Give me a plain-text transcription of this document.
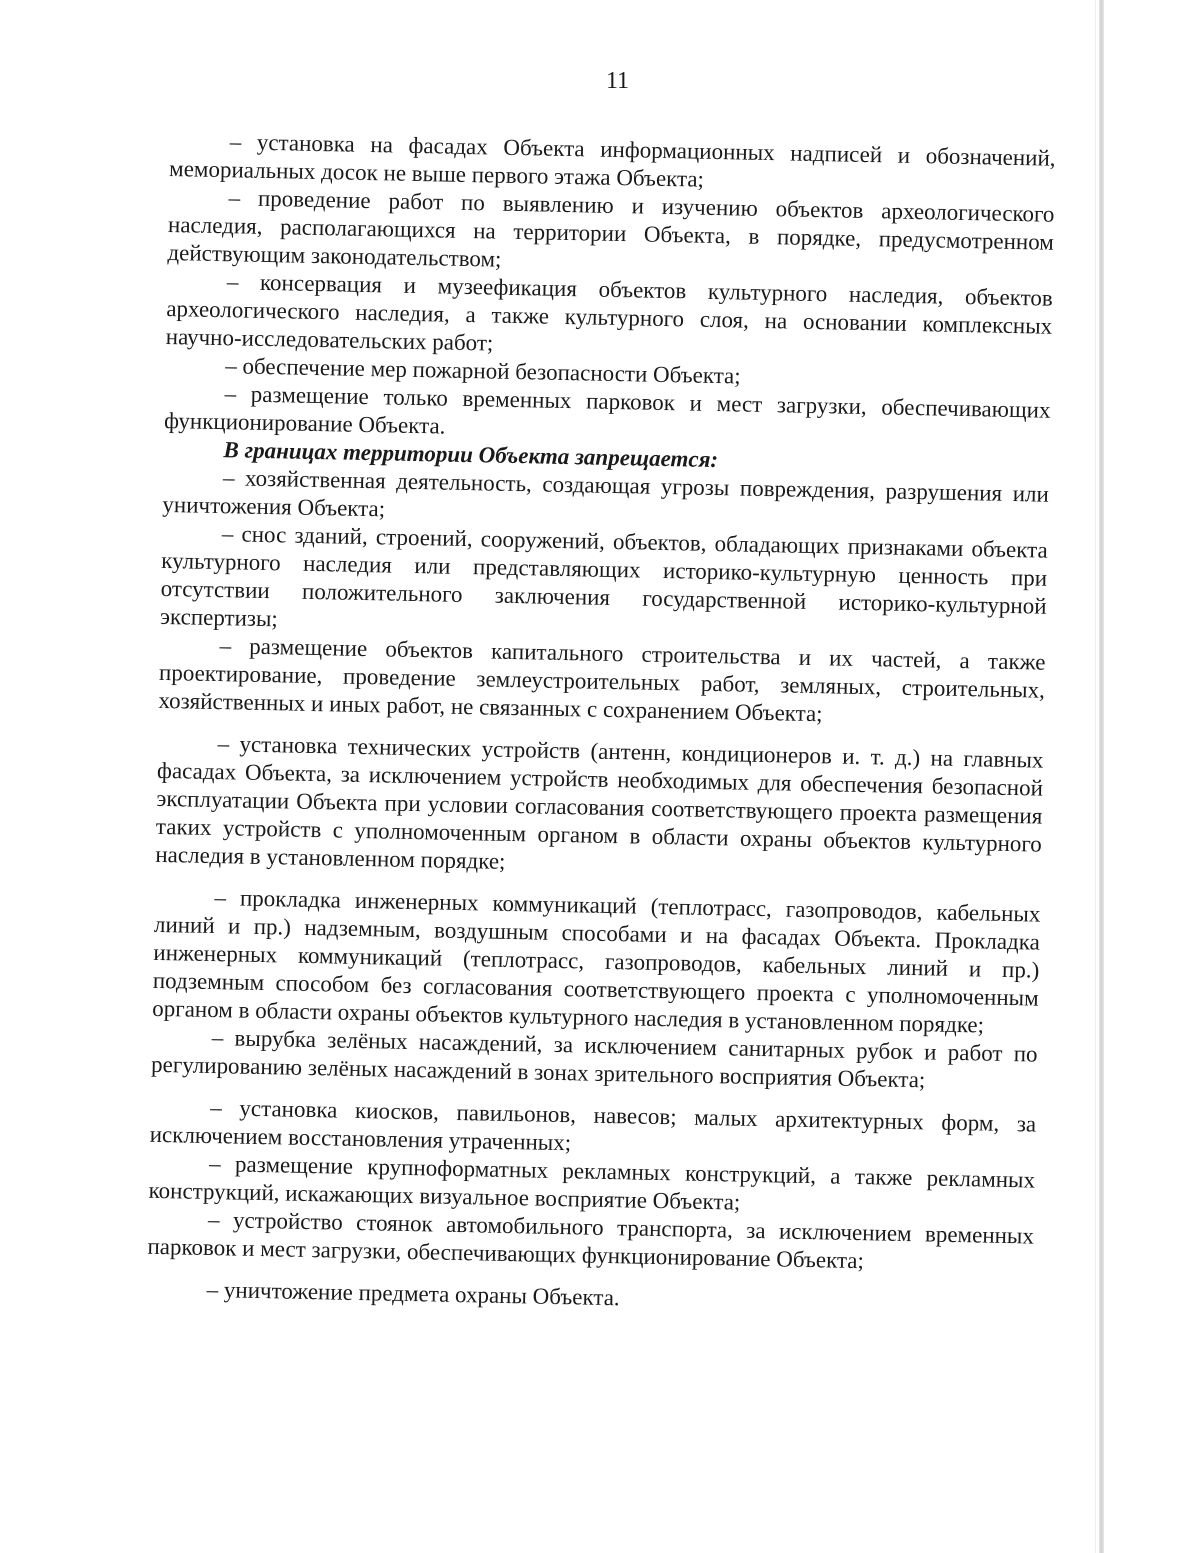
11

– установка на фасадах Объекта информационных надписей и обозначений, мемориальных досок не выше первого этажа Объекта;

– проведение работ по выявлению и изучению объектов археологического наследия, располагающихся на территории Объекта, в порядке, предусмотренном действующим законодательством;

– консервация и музеефикация объектов культурного наследия, объектов археологического наследия, а также культурного слоя, на основании комплексных научно-исследовательских работ;

– обеспечение мер пожарной безопасности Объекта;

– размещение только временных парковок и мест загрузки, обеспечивающих функционирование Объекта.

В границах территории Объекта запрещается:

– хозяйственная деятельность, создающая угрозы повреждения, разрушения или уничтожения Объекта;

– снос зданий, строений, сооружений, объектов, обладающих признаками объекта культурного наследия или представляющих историко-культурную ценность при отсутствии положительного заключения государственной историко-культурной экспертизы;

– размещение объектов капитального строительства и их частей, а также проектирование, проведение землеустроительных работ, земляных, строительных, хозяйственных и иных работ, не связанных с сохранением Объекта;

– установка технических устройств (антенн, кондиционеров и. т. д.) на главных фасадах Объекта, за исключением устройств необходимых для обеспечения безопасной эксплуатации Объекта при условии согласования соответствующего проекта размещения таких устройств с уполномоченным органом в области охраны объектов культурного наследия в установленном порядке;

– прокладка инженерных коммуникаций (теплотрасс, газопроводов, кабельных линий и пр.) надземным, воздушным способами и на фасадах Объекта. Прокладка инженерных коммуникаций (теплотрасс, газопроводов, кабельных линий и пр.) подземным способом без согласования соответствующего проекта с уполномоченным органом в области охраны объектов культурного наследия в установленном порядке;

– вырубка зелёных насаждений, за исключением санитарных рубок и работ по регулированию зелёных насаждений в зонах зрительного восприятия Объекта;

– установка киосков, павильонов, навесов; малых архитектурных форм, за исключением восстановления утраченных;

– размещение крупноформатных рекламных конструкций, а также рекламных конструкций, искажающих визуальное восприятие Объекта;

– устройство стоянок автомобильного транспорта, за исключением временных парковок и мест загрузки, обеспечивающих функционирование Объекта;

– уничтожение предмета охраны Объекта.
